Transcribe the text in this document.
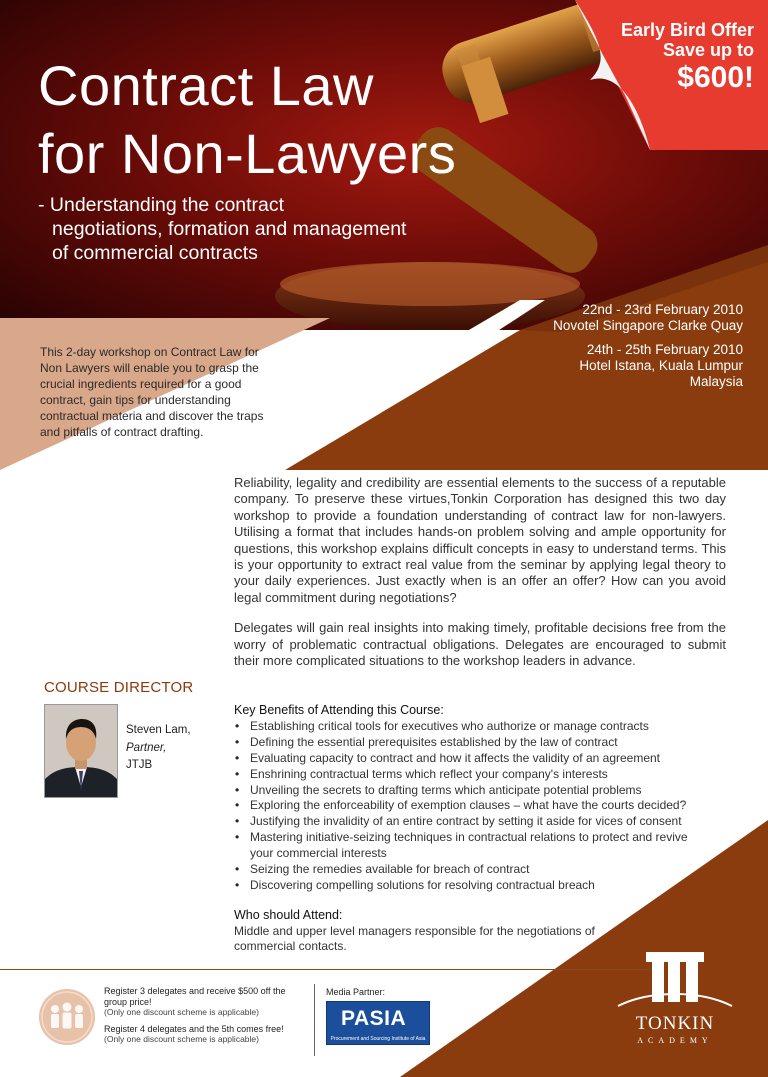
Contract Law
for Non-Lawyers
- Understanding the contract
negotiations, formation and management
of commercial contracts
Early Bird Offer
Save up to
$600!
22nd - 23rd February 2010
Novotel Singapore Clarke Quay
24th - 25th February 2010
Hotel Istana, Kuala Lumpur
Malaysia
This 2-day workshop on Contract Law for Non Lawyers will enable you to grasp the crucial ingredients required for a good contract, gain tips for understanding contractual materia and discover the traps and pitfalls of contract drafting.

Reliability, legality and credibility are essential elements to the success of a reputable company. To preserve these virtues,Tonkin Corporation has designed this two day workshop to provide a foundation understanding of contract law for non-lawyers. Utilising a format that includes hands-on problem solving and ample opportunity for questions, this workshop explains difficult concepts in easy to understand terms. This is your opportunity to extract real value from the seminar by applying legal theory to your daily experiences. Just exactly when is an offer an offer? How can you avoid legal commitment during negotiations?

Delegates will gain real insights into making timely, profitable decisions free from the worry of problematic contractual obligations. Delegates are encouraged to submit their more complicated situations to the workshop leaders in advance.

COURSE DIRECTOR
Steven Lam,
Partner,
JTJB
Key Benefits of Attending this Course:
• Establishing critical tools for executives who authorize or manage contracts
• Defining the essential prerequisites established by the law of contract
• Evaluating capacity to contract and how it affects the validity of an agreement
• Enshrining contractual terms which reflect your company's interests
• Unveiling the secrets to drafting terms which anticipate potential problems
• Exploring the enforceability of exemption clauses – what have the courts decided?
• Justifying the invalidity of an entire contract by setting it aside for vices of consent
• Mastering initiative-seizing techniques in contractual relations to protect and revive your commercial interests
• Seizing the remedies available for breach of contract
• Discovering compelling solutions for resolving contractual breach
Who should Attend:
Middle and upper level managers responsible for the negotiations of commercial contacts.
Register 3 delegates and receive $500 off the group price!
(Only one discount scheme is applicable)
Register 4 delegates and the 5th comes free!
(Only one discount scheme is applicable)
Media Partner:
PASIA
Procurement and Sourcing Institute of Asia
TONKIN
ACADEMY
